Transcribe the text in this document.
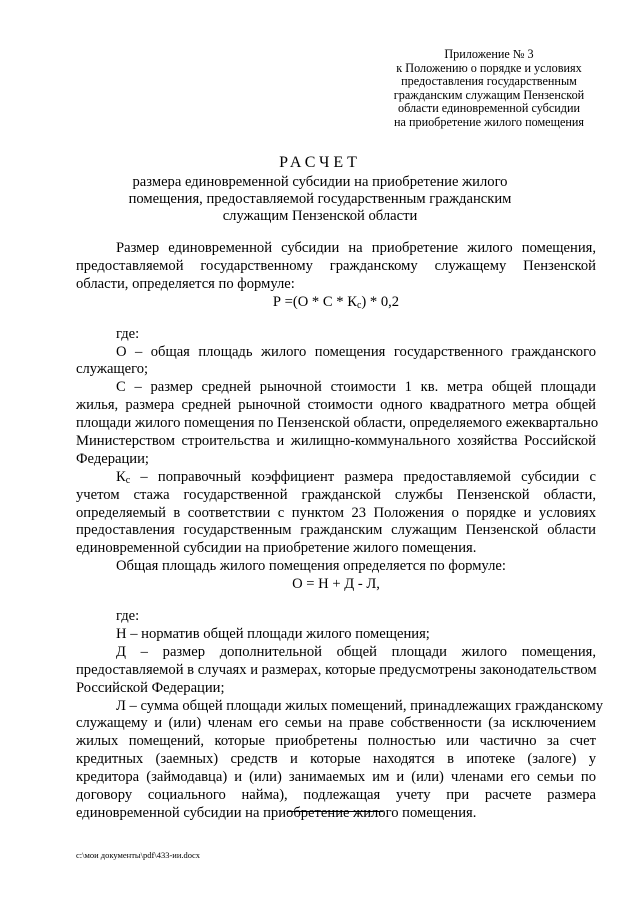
Приложение № 3
к Положению о порядке и условиях
предоставления государственным
гражданским служащим Пензенской
области единовременной субсидии
на приобретение жилого помещения
РАСЧЕТ
размера единовременной субсидии на приобретение жилого
помещения, предоставляемой государственным гражданским
служащим Пензенской области
Размер единовременной субсидии на приобретение жилого помещения,
предоставляемой государственному гражданскому служащему Пензенской
области, определяется по формуле:
$Р =(О * С * К_с) * 0,2$
где:
О – общая площадь жилого помещения государственного гражданского
служащего;
С – размер средней рыночной стоимости 1 кв. метра общей площади
жилья, размера средней рыночной стоимости одного квадратного метра общей
площади жилого помещения по Пензенской области, определяемого ежеквартально
Министерством строительства и жилищно-коммунального хозяйства Российской
Федерации;
$К_с$ – поправочный коэффициент размера предоставляемой субсидии с
учетом стажа государственной гражданской службы Пензенской области,
определяемый в соответствии с пунктом 23 Положения о порядке и условиях
предоставления государственным гражданским служащим Пензенской области
единовременной субсидии на приобретение жилого помещения.
Общая площадь жилого помещения определяется по формуле:
О = Н + Д - Л,
где:
Н – норматив общей площади жилого помещения;
Д – размер дополнительной общей площади жилого помещения,
предоставляемой в случаях и размерах, которые предусмотрены законодательством
Российской Федерации;
Л – сумма общей площади жилых помещений, принадлежащих гражданскому
служащему и (или) членам его семьи на праве собственности (за исключением
жилых помещений, которые приобретены полностью или частично за счет
кредитных (заемных) средств и которые находятся в ипотеке (залоге) у
кредитора (займодавца) и (или) занимаемых им и (или) членами его семьи по
договору социального найма), подлежащая учету при расчете размера
единовременной субсидии на приобретение жилого помещения.
c:\мои документы\pdf\433-ии.docx
